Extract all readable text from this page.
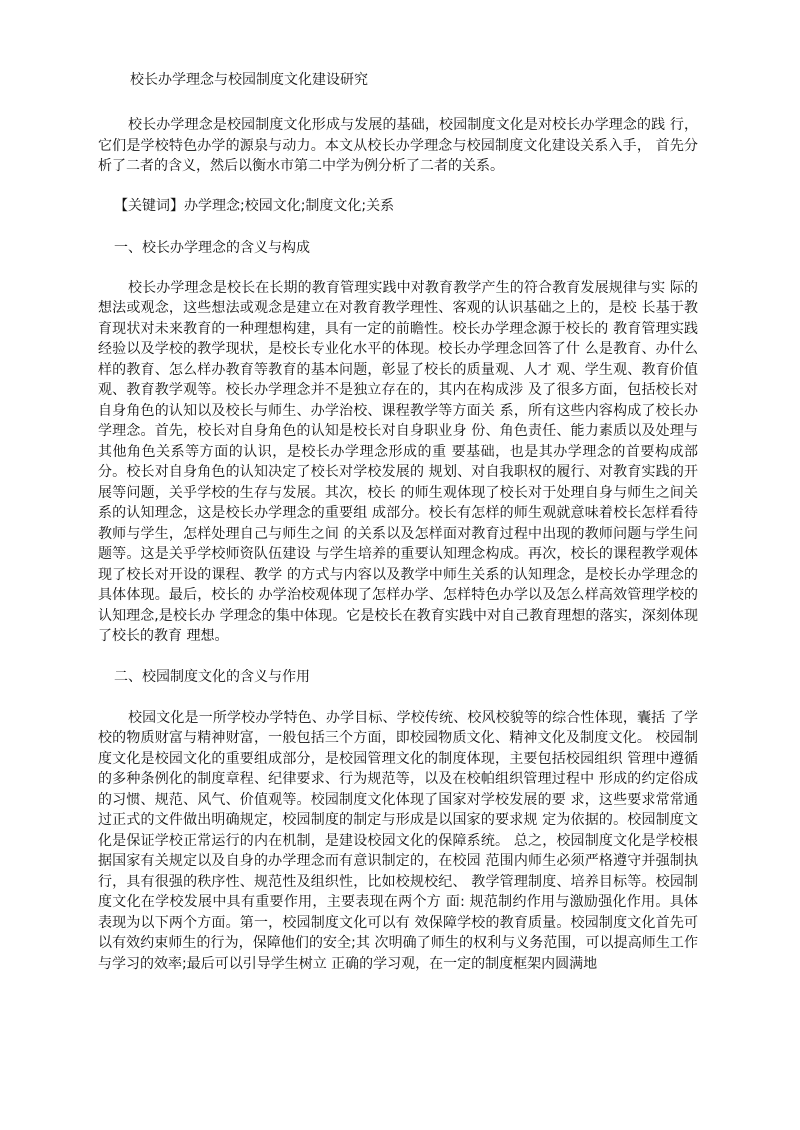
校长办学理念与校园制度文化建设研究

校长办学理念是校园制度文化形成与发展的基础，校园制度文化是对校长办学理念的践 行，它们是学校特色办学的源泉与动力。本文从校长办学理念与校园制度文化建设关系入手， 首先分析了二者的含义，然后以衡水市第二中学为例分析了二者的关系。

【关键词】办学理念;校园文化;制度文化;关系

一、校长办学理念的含义与构成

校长办学理念是校长在长期的教育管理实践中对教育教学产生的符合教育发展规律与实 际的想法或观念，这些想法或观念是建立在对教育教学理性、客观的认识基础之上的，是校 长基于教育现状对未来教育的一种理想构建，具有一定的前瞻性。校长办学理念源于校长的 教育管理实践经验以及学校的教学现状，是校长专业化水平的体现。校长办学理念回答了什 么是教育、办什么样的教育、怎么样办教育等教育的基本问题，彰显了校长的质量观、人才 观、学生观、教育价值观、教育教学观等。校长办学理念并不是独立存在的，其内在构成涉 及了很多方面，包括校长对自身角色的认知以及校长与师生、办学治校、课程教学等方面关 系，所有这些内容构成了校长办学理念。首先，校长对自身角色的认知是校长对自身职业身 份、角色责任、能力素质以及处理与其他角色关系等方面的认识，是校长办学理念形成的重 要基础，也是其办学理念的首要构成部分。校长对自身角色的认知决定了校长对学校发展的 规划、对自我职权的履行、对教育实践的开展等问题，关乎学校的生存与发展。其次，校长 的师生观体现了校长对于处理自身与师生之间关系的认知理念，这是校长办学理念的重要组 成部分。校长有怎样的师生观就意味着校长怎样看待教师与学生，怎样处理自己与师生之间 的关系以及怎样面对教育过程中出现的教师问题与学生问题等。这是关乎学校师资队伍建设 与学生培养的重要认知理念构成。再次，校长的课程教学观体现了校长对开设的课程、教学 的方式与内容以及教学中师生关系的认知理念，是校长办学理念的具体体现。最后，校长的 办学治校观体现了怎样办学、怎样特色办学以及怎么样高效管理学校的认知理念,是校长办 学理念的集中体现。它是校长在教育实践中对自己教育理想的落实，深刻体现了校长的教育 理想。

二、校园制度文化的含义与作用

校园文化是一所学校办学特色、办学目标、学校传统、校风校貌等的综合性体现，囊括 了学校的物质财富与精神财富，一般包括三个方面，即校园物质文化、精神文化及制度文化。 校园制度文化是校园文化的重要组成部分，是校园管理文化的制度体现，主要包括校园组织 管理中遵循的多种条例化的制度章程、纪律要求、行为规范等，以及在校帕组织管理过程中 形成的约定俗成的习惯、规范、风气、价值观等。校园制度文化体现了国家对学校发展的要 求，这些要求常常通过正式的文件做出明确规定，校园制度的制定与形成是以国家的要求规 定为依据的。校园制度文化是保证学校正常运行的内在机制，是建设校园文化的保障系统。 总之，校园制度文化是学校根据国家有关规定以及自身的办学理念而有意识制定的，在校园 范围内师生必须严格遵守并强制执行，具有很强的秩序性、规范性及组织性，比如校规校纪、 教学管理制度、培养目标等。校园制度文化在学校发展中具有重要作用，主要表现在两个方 面: 规范制约作用与激励强化作用。具体表现为以下两个方面。第一，校园制度文化可以有 效保障学校的教育质量。校园制度文化首先可以有效约束师生的行为，保障他们的安全;其 次明确了师生的权利与义务范围，可以提高师生工作与学习的效率;最后可以引导学生树立 正确的学习观，在一定的制度框架内圆满地
